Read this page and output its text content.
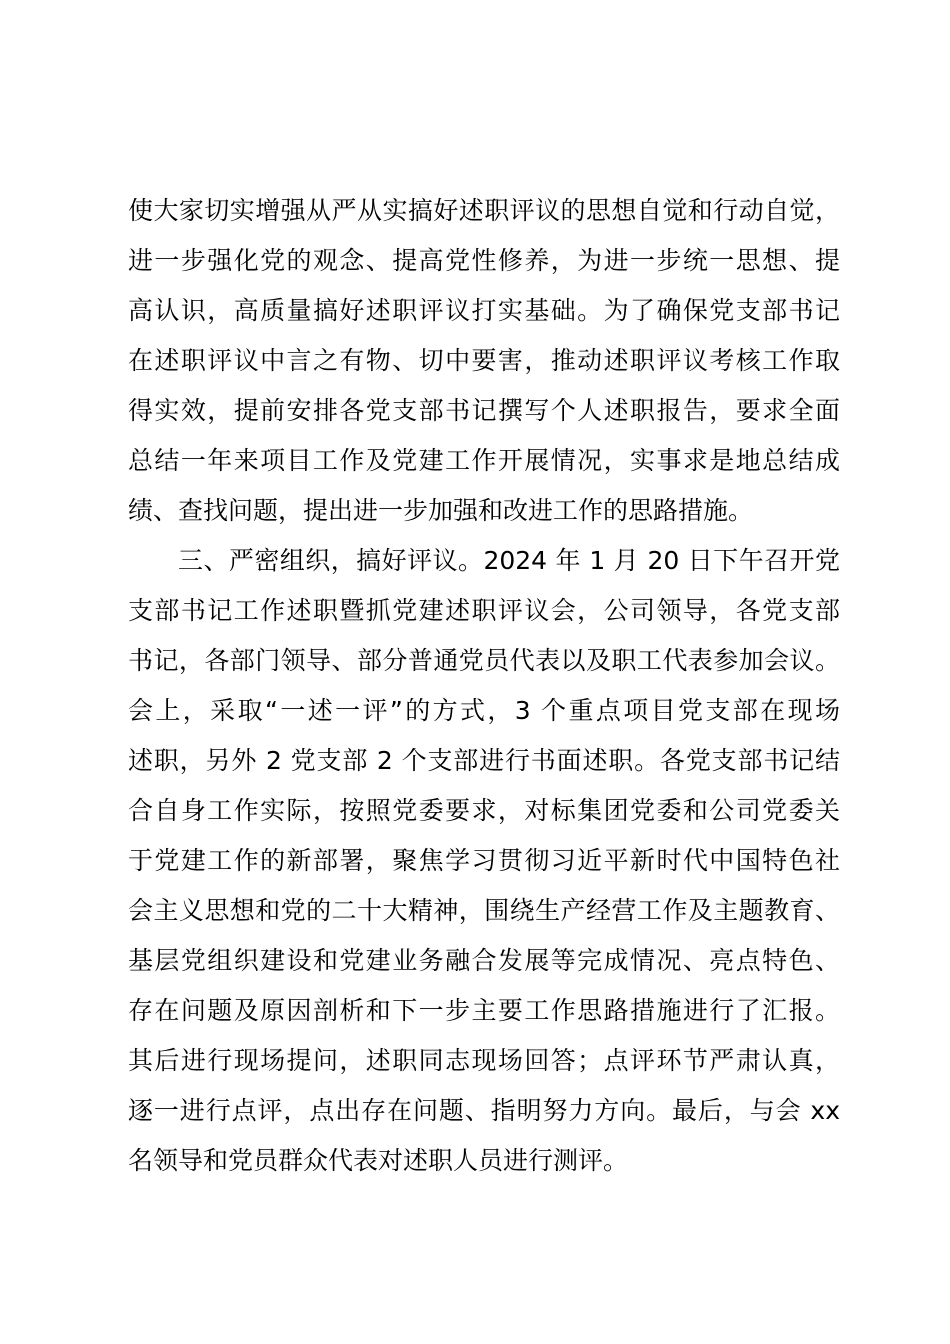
使大家切实增强从严从实搞好述职评议的思想自觉和行动自觉，
进一步强化党的观念、提高党性修养，为进一步统一思想、提
高认识，高质量搞好述职评议打实基础。为了确保党支部书记
在述职评议中言之有物、切中要害，推动述职评议考核工作取
得实效，提前安排各党支部书记撰写个人述职报告，要求全面
总结一年来项目工作及党建工作开展情况，实事求是地总结成
绩、查找问题，提出进一步加强和改进工作的思路措施。
三、严密组织，搞好评议。2024 年 1 月 20 日下午召开党
支部书记工作述职暨抓党建述职评议会，公司领导，各党支部
书记，各部门领导、部分普通党员代表以及职工代表参加会议。
会上，采取“一述一评”的方式，3 个重点项目党支部在现场
述职，另外 2 党支部 2 个支部进行书面述职。各党支部书记结
合自身工作实际，按照党委要求，对标集团党委和公司党委关
于党建工作的新部署，聚焦学习贯彻习近平新时代中国特色社
会主义思想和党的二十大精神，围绕生产经营工作及主题教育、
基层党组织建设和党建业务融合发展等完成情况、亮点特色、
存在问题及原因剖析和下一步主要工作思路措施进行了汇报。
其后进行现场提问，述职同志现场回答；点评环节严肃认真，
逐一进行点评，点出存在问题、指明努力方向。最后，与会 xx
名领导和党员群众代表对述职人员进行测评。
